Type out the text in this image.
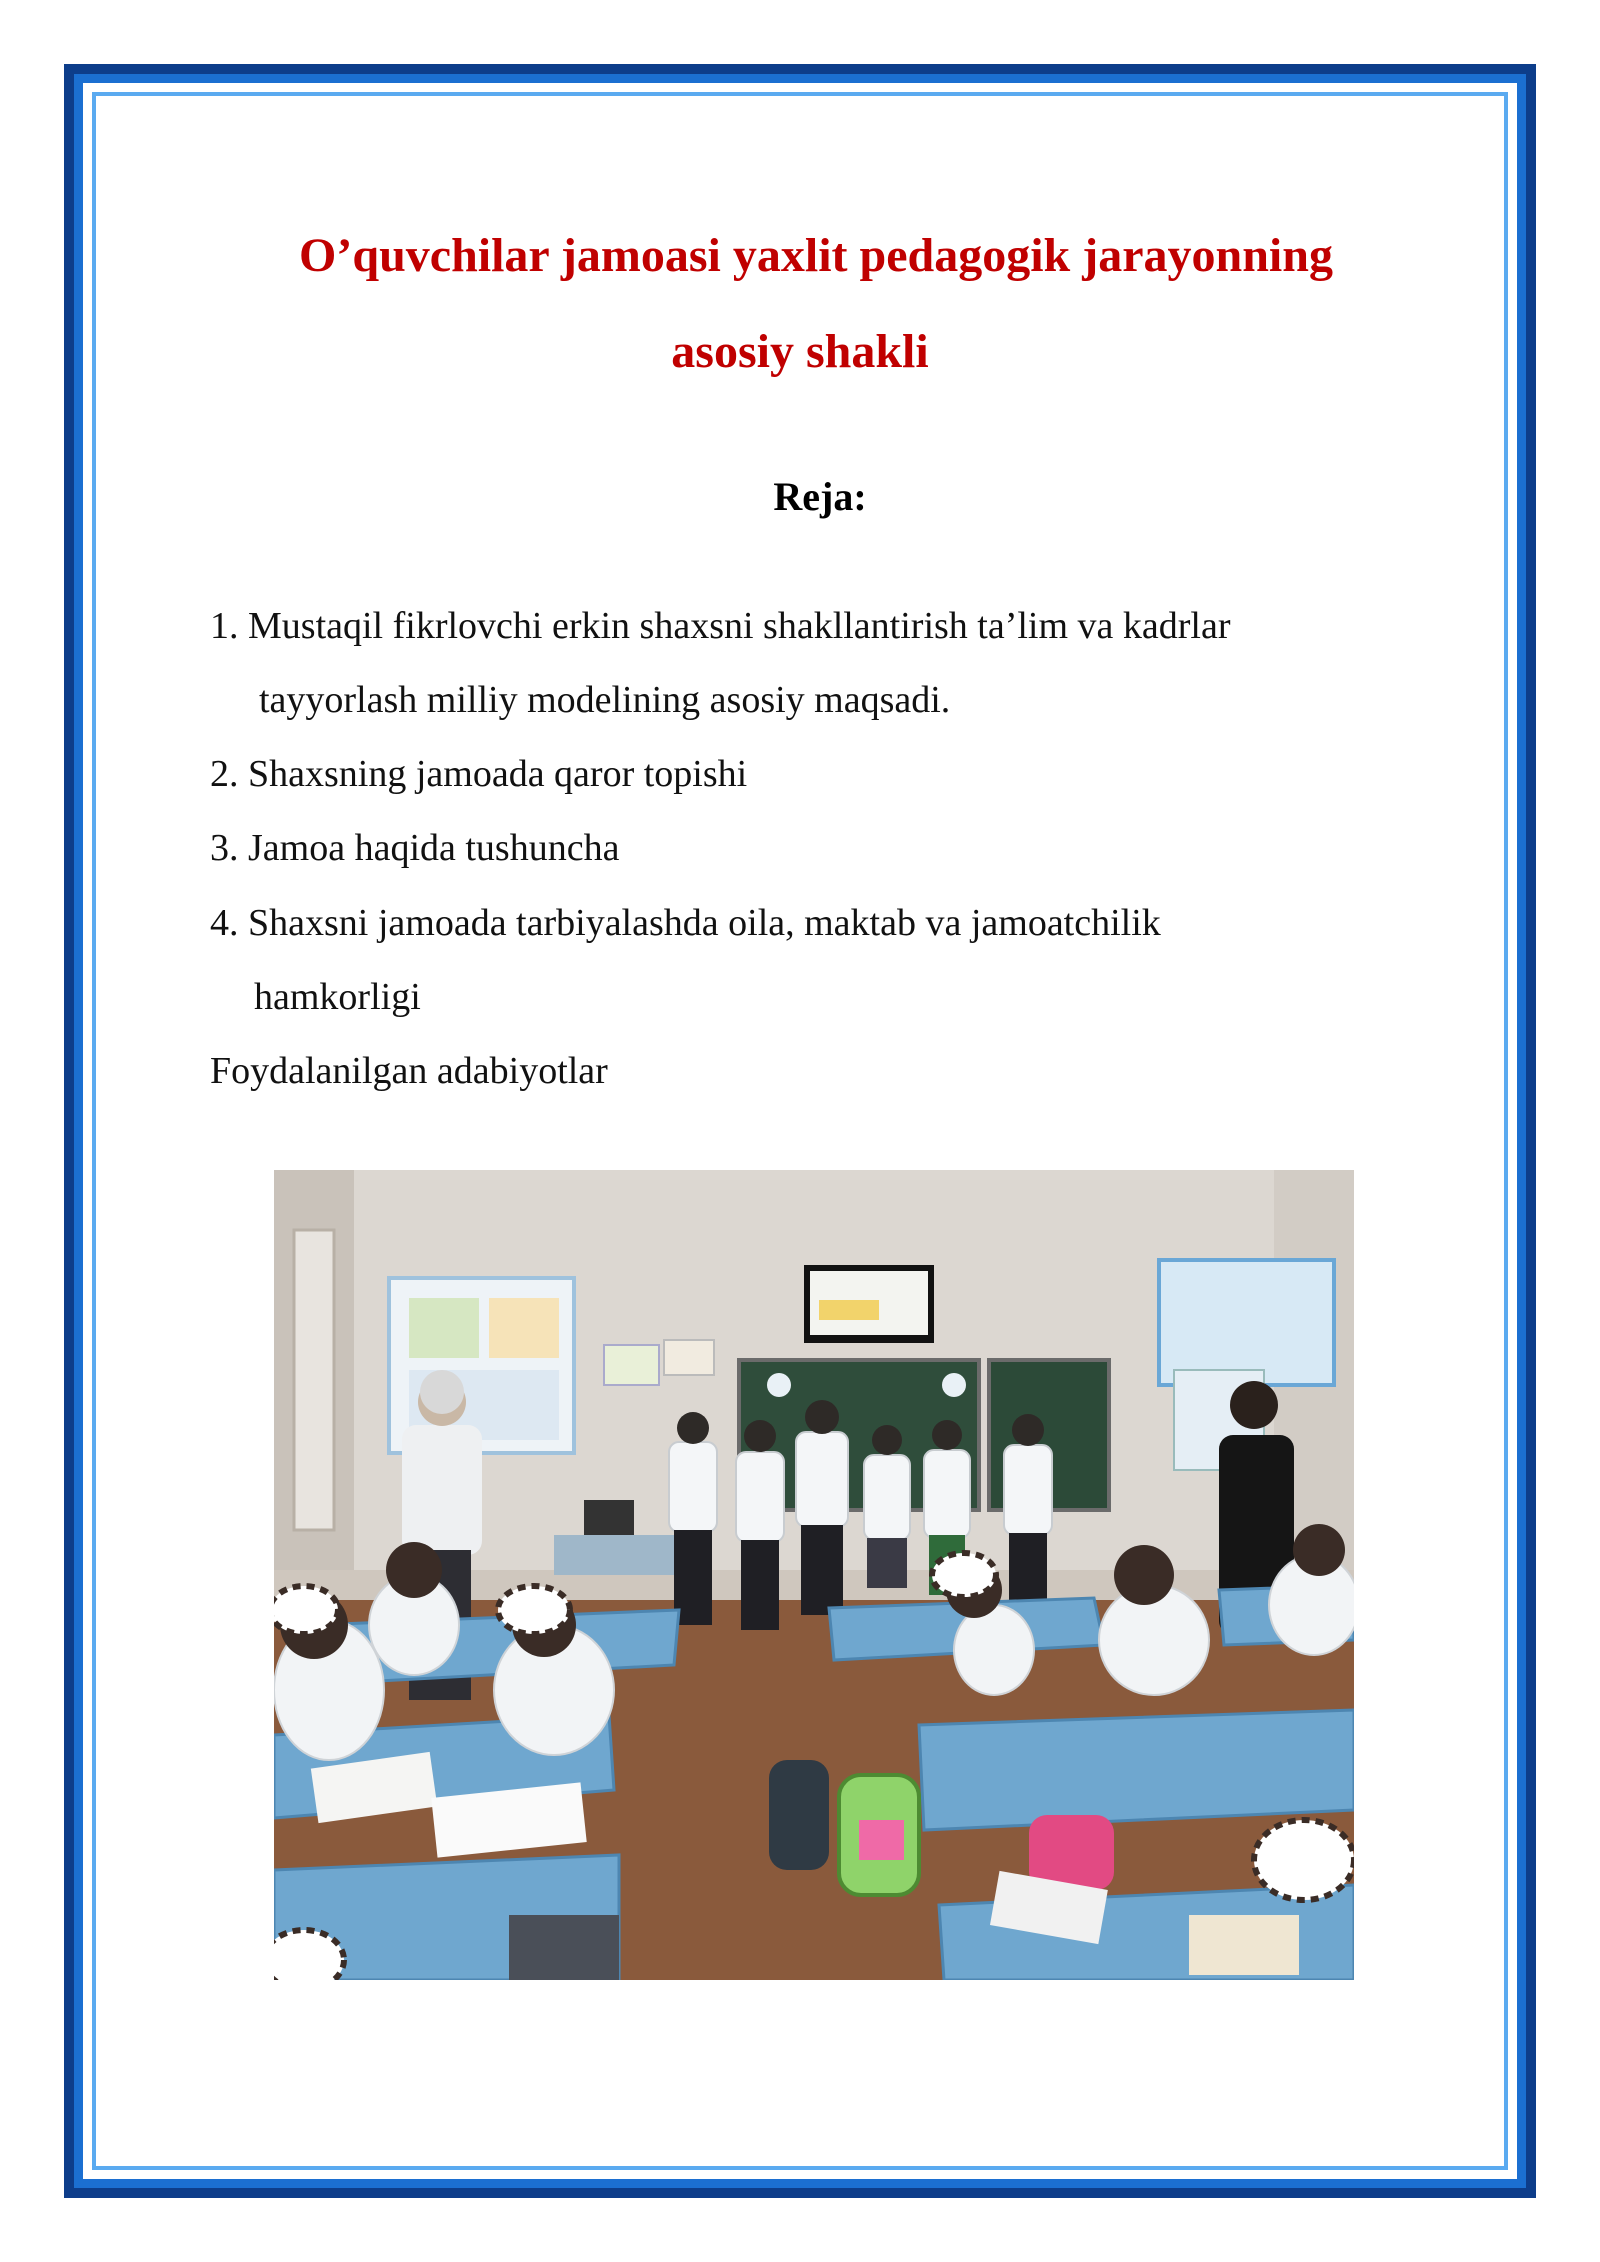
O’quvchilar jamoasi yaxlit pedagogik jarayonning
asosiy shakli
Reja:
1. Mustaqil fikrlovchi erkin shaxsni shakllantirish ta’lim va kadrlar
tayyorlash milliy modelining asosiy maqsadi.
2. Shaxsning jamoada qaror topishi
3. Jamoa haqida tushuncha
4. Shaxsni jamoada tarbiyalashda oila, maktab va jamoatchilik
hamkorligi
Foydalanilgan adabiyotlar
